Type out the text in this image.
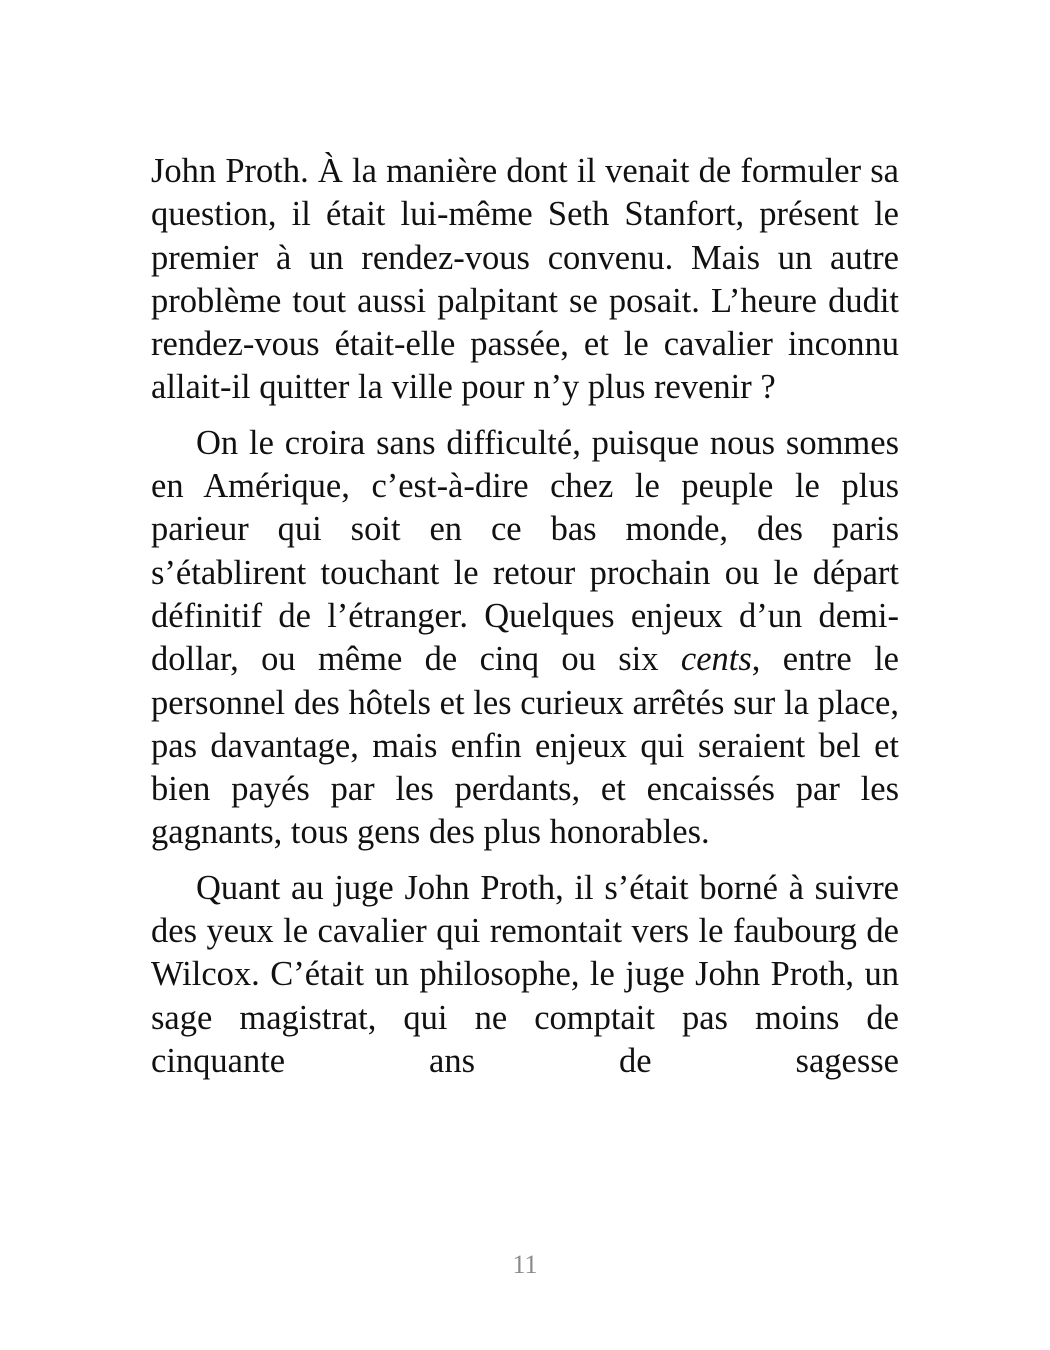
John Proth. À la manière dont il venait de formuler sa question, il était lui-même Seth Stanfort, présent le premier à un rendez-vous convenu. Mais un autre problème tout aussi palpitant se posait. L’heure dudit rendez-vous était-elle passée, et le cavalier inconnu allait-il quitter la ville pour n’y plus revenir ?

On le croira sans difficulté, puisque nous sommes en Amérique, c’est-à-dire chez le peuple le plus parieur qui soit en ce bas monde, des paris s’établirent touchant le retour prochain ou le départ définitif de l’étranger. Quelques enjeux d’un demi-dollar, ou même de cinq ou six cents, entre le personnel des hôtels et les curieux arrêtés sur la place, pas davantage, mais enfin enjeux qui seraient bel et bien payés par les perdants, et encaissés par les gagnants, tous gens des plus honorables.

Quant au juge John Proth, il s’était borné à suivre des yeux le cavalier qui remontait vers le faubourg de Wilcox. C’était un philosophe, le juge John Proth, un sage magistrat, qui ne comptait pas moins de cinquante ans de sagesse

11
